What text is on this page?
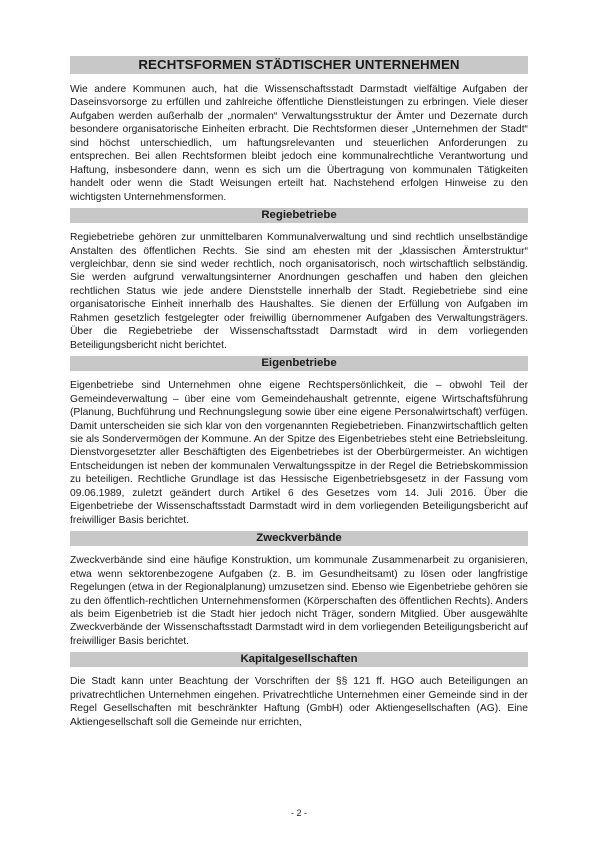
RECHTSFORMEN STÄDTISCHER UNTERNEHMEN

Wie andere Kommunen auch, hat die Wissenschaftsstadt Darmstadt vielfältige Aufgaben der Daseinsvorsorge zu erfüllen und zahlreiche öffentliche Dienstleistungen zu erbringen. Viele dieser Aufgaben werden außerhalb der „normalen“ Verwaltungsstruktur der Ämter und Dezernate durch besondere organisatorische Einheiten erbracht. Die Rechtsformen dieser „Unternehmen der Stadt“ sind höchst unterschiedlich, um haftungsrelevanten und steuerlichen Anforderungen zu entsprechen. Bei allen Rechtsformen bleibt jedoch eine kommunalrechtliche Verantwortung und Haftung, insbesondere dann, wenn es sich um die Übertragung von kommunalen Tätigkeiten handelt oder wenn die Stadt Weisungen erteilt hat. Nachstehend erfolgen Hinweise zu den wichtigsten Unternehmensformen.

Regiebetriebe

Regiebetriebe gehören zur unmittelbaren Kommunalverwaltung und sind rechtlich unselbständige Anstalten des öffentlichen Rechts. Sie sind am ehesten mit der „klassischen Ämterstruktur“ vergleichbar, denn sie sind weder rechtlich, noch organisatorisch, noch wirtschaftlich selbständig. Sie werden aufgrund verwaltungsinterner Anordnungen geschaffen und haben den gleichen rechtlichen Status wie jede andere Dienststelle innerhalb der Stadt. Regiebetriebe sind eine organisatorische Einheit innerhalb des Haushaltes. Sie dienen der Erfüllung von Aufgaben im Rahmen gesetzlich festgelegter oder freiwillig übernommener Aufgaben des Verwaltungsträgers. Über die Regiebetriebe der Wissenschaftsstadt Darmstadt wird in dem vorliegenden Beteiligungsbericht nicht berichtet.

Eigenbetriebe

Eigenbetriebe sind Unternehmen ohne eigene Rechtspersönlichkeit, die – obwohl Teil der Gemeindeverwaltung – über eine vom Gemeindehaushalt getrennte, eigene Wirtschaftsführung (Planung, Buchführung und Rechnungslegung sowie über eine eigene Personalwirtschaft) verfügen. Damit unterscheiden sie sich klar von den vorgenannten Regiebetrieben. Finanzwirtschaftlich gelten sie als Sondervermögen der Kommune. An der Spitze des Eigenbetriebes steht eine Betriebsleitung. Dienstvorgesetzter aller Beschäftigten des Eigenbetriebes ist der Oberbürgermeister. An wichtigen Entscheidungen ist neben der kommunalen Verwaltungsspitze in der Regel die Betriebskommission zu beteiligen. Rechtliche Grundlage ist das Hessische Eigenbetriebsgesetz in der Fassung vom 09.06.1989, zuletzt geändert durch Artikel 6 des Gesetzes vom 14. Juli 2016. Über die Eigenbetriebe der Wissenschaftsstadt Darmstadt wird in dem vorliegenden Beteiligungsbericht auf freiwilliger Basis berichtet.

Zweckverbände

Zweckverbände sind eine häufige Konstruktion, um kommunale Zusammenarbeit zu organisieren, etwa wenn sektorenbezogene Aufgaben (z. B. im Gesundheitsamt) zu lösen oder langfristige Regelungen (etwa in der Regionalplanung) umzusetzen sind. Ebenso wie Eigenbetriebe gehören sie zu den öffentlich-rechtlichen Unternehmensformen (Körperschaften des öffentlichen Rechts). Anders als beim Eigenbetrieb ist die Stadt hier jedoch nicht Träger, sondern Mitglied. Über ausgewählte Zweckverbände der Wissenschaftsstadt Darmstadt wird in dem vorliegenden Beteiligungsbericht auf freiwilliger Basis berichtet.

Kapitalgesellschaften

Die Stadt kann unter Beachtung der Vorschriften der §§ 121 ff. HGO auch Beteiligungen an privatrechtlichen Unternehmen eingehen. Privatrechtliche Unternehmen einer Gemeinde sind in der Regel Gesellschaften mit beschränkter Haftung (GmbH) oder Aktiengesellschaften (AG). Eine Aktiengesellschaft soll die Gemeinde nur errichten,

- 2 -
